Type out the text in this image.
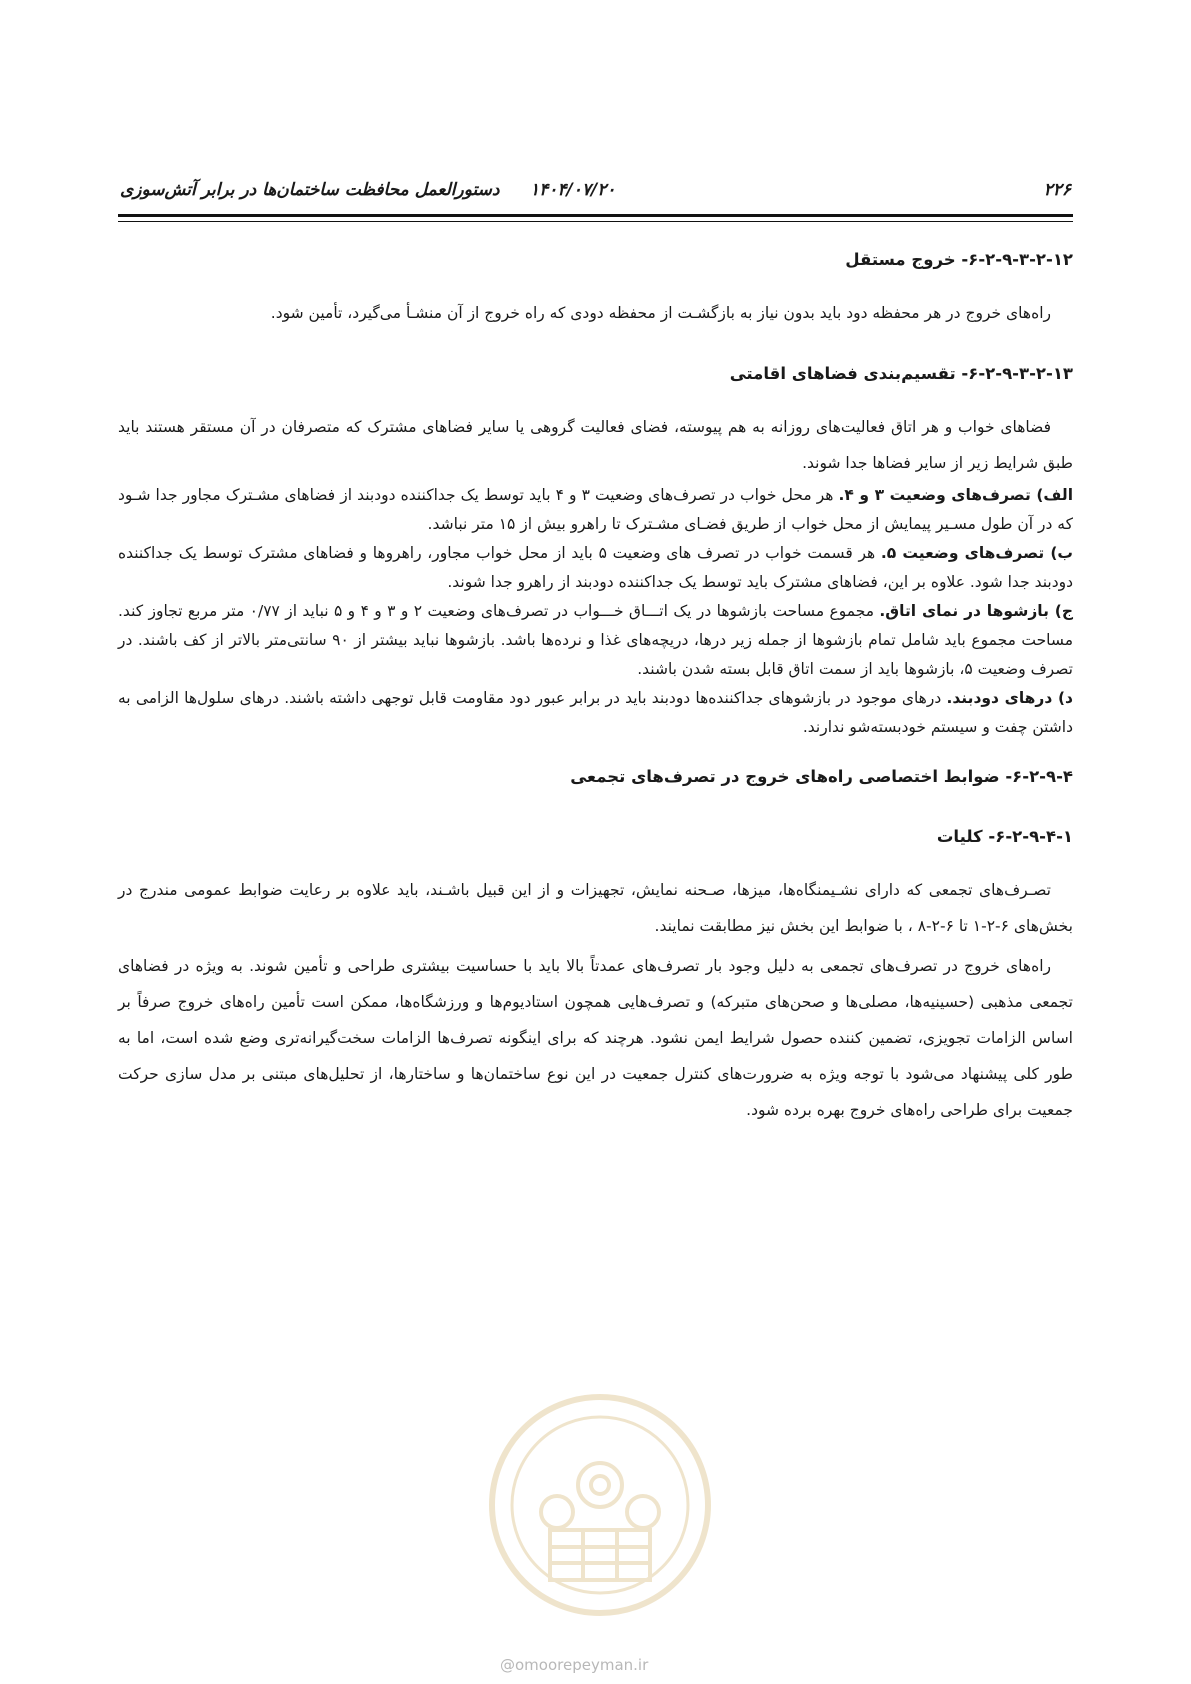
۲۲۶
۱۴۰۴/۰۷/۲۰
دستورالعمل محافظت ساختمان‌ها در برابر آتش‌سوزی
۶-۲-۹-۳-۲-۱۲- خروج مستقل

راه‌های خروج در هر محفظه دود باید بدون نیاز به بازگشـت از محفظه دودی که راه خروج از آن منشـأ می‌گیرد، تأمین شود.

۶-۲-۹-۳-۲-۱۳- تقسیم‌بندی فضاهای اقامتی

فضاهای خواب و هر اتاق فعالیت‌های روزانه به هم پیوسته، فضای فعالیت گروهی یا سایر فضاهای مشترک که متصرفان در آن مستقر هستند باید طبق شرایط زیر از سایر فضاها جدا شوند.

الف) تصرف‌های وضعیت ۳ و ۴. هر محل خواب در تصرف‌های وضعیت ۳ و ۴ باید توسط یک جداکننده دودبند از فضاهای مشـترک مجاور جدا شـود که در آن طول مسـیر پیمایش از محل خواب از طریق فضـای مشـترک تا راهرو بیش از ۱۵ متر نباشد.

ب) تصرف‌های وضعیت ۵. هر قسمت خواب در تصرف های وضعیت ۵ باید از محل خواب مجاور، راهروها و فضاهای مشترک توسط یک جداکننده دودبند جدا شود. علاوه بر این، فضاهای مشترک باید توسط یک جداکننده دودبند از راهرو جدا شوند.

ج) بازشوها در نمای اتاق. مجموع مساحت بازشوها در یک اتـــاق خـــواب در تصرف‌های وضعیت ۲ و ۳ و ۴ و ۵ نباید از ۰/۷۷ متر مربع تجاوز کند. مساحت مجموع باید شامل تمام بازشوها از جمله زیر درها، دریچه‌های غذا و نرده‌ها باشد. بازشوها نباید بیشتر از ۹۰ سانتی‌متر بالاتر از کف باشند. در تصرف وضعیت ۵، بازشوها باید از سمت اتاق قابل بسته شدن باشند.

د) درهای دودبند. درهای موجود در بازشوهای جداکننده‌ها دودبند باید در برابر عبور دود مقاومت قابل توجهی داشته باشند. درهای سلول‌ها الزامی به داشتن چفت و سیستم خودبسته‌شو ندارند.

۶-۲-۹-۴- ضوابط اختصاصی راه‌های خروج در تصرف‌های تجمعی
۶-۲-۹-۴-۱- کلیات

تصـرف‌های تجمعی که دارای نشـیمنگاه‌ها، میزها، صـحنه نمایش، تجهیزات و از این قبیل باشـند، باید علاوه بر رعایت ضوابط عمومی مندرج در بخش‌های ۶-۲-۱ تا ۶-۲-۸ ، با ضوابط این بخش نیز مطابقت نمایند.

راه‌های خروج در تصرف‌های تجمعی به دلیل وجود بار تصرف‌های عمدتاً بالا باید با حساسیت بیشتری طراحی و تأمین شوند. به ویژه در فضاهای تجمعی مذهبی (حسینیه‌ها، مصلی‌ها و صحن‌های متبرکه) و تصرف‌هایی همچون استادیوم‌ها و ورزشگاه‌ها، ممکن است تأمین راه‌های خروج صرفاً بر اساس الزامات تجویزی، تضمین کننده حصول شرایط ایمن نشود. هرچند که برای اینگونه تصرف‌ها الزامات سخت‌گیرانه‌تری وضع شده است، اما به طور کلی پیشنهاد می‌شود با توجه ویژه به ضرورت‌های کنترل جمعیت در این نوع ساختمان‌ها و ساختارها، از تحلیل‌های مبتنی بر مدل سازی حرکت جمعیت برای طراحی راه‌های خروج بهره برده شود.

@omoorepeyman.ir
